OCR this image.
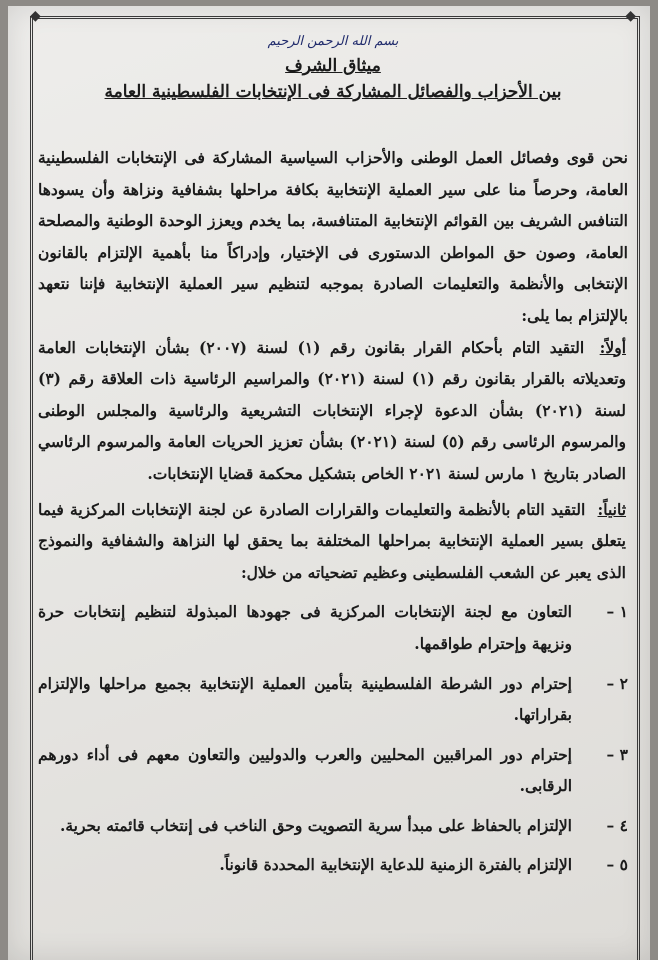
◆	◆

بسم الله الرحمن الرحيم

ميثاق الشرف

بين الأحزاب والفصائل المشاركة فى الإنتخابات الفلسطينية العامة

نحن قوى وفصائل العمل الوطنى والأحزاب السياسية المشاركة فى الإنتخابات الفلسطينية العامة، وحرصاً منا على سير العملية الإنتخابية بكافة مراحلها بشفافية ونزاهة وأن يسودها التنافس الشريف بين القوائم الإنتخابية المتنافسة، بما يخدم ويعزز الوحدة الوطنية والمصلحة العامة، وصون حق المواطن الدستورى فى الإختيار، وإدراكاً منا بأهمية الإلتزام بالقانون الإنتخابى والأنظمة والتعليمات الصادرة بموجبه لتنظيم سير العملية الإنتخابية فإننا نتعهد بالإلتزام بما يلى:
أولاً: التقيد التام بأحكام القرار بقانون رقم (١) لسنة (٢٠٠٧) بشأن الإنتخابات العامة وتعديلاته بالقرار بقانون رقم (١) لسنة (٢٠٢١) والمراسيم الرئاسية ذات العلاقة رقم (٣) لسنة (٢٠٢١) بشأن الدعوة لإجراء الإنتخابات التشريعية والرئاسية والمجلس الوطنى والمرسوم الرئاسى رقم (٥) لسنة (٢٠٢١) بشأن تعزيز الحريات العامة والمرسوم الرئاسي الصادر بتاريخ ١ مارس لسنة ٢٠٢١ الخاص بتشكيل محكمة قضايا الإنتخابات.
ثانياً: التقيد التام بالأنظمة والتعليمات والقرارات الصادرة عن لجنة الإنتخابات المركزية فيما يتعلق بسير العملية الإنتخابية بمراحلها المختلفة بما يحقق لها النزاهة والشفافية والنموذج الذى يعبر عن الشعب الفلسطينى وعظيم تضحياته من خلال:
١ –
التعاون مع لجنة الإنتخابات المركزية فى جهودها المبذولة لتنظيم إنتخابات حرة ونزيهة وإحترام طواقمها.
٢ –
إحترام دور الشرطة الفلسطينية بتأمين العملية الإنتخابية بجميع مراحلها والإلتزام بقراراتها.
٣ –
إحترام دور المراقبين المحليين والعرب والدوليين والتعاون معهم فى أداء دورهم الرقابى.
٤ –
الإلتزام بالحفاظ على مبدأ سرية التصويت وحق الناخب فى إنتخاب قائمته بحرية.
٥ –
الإلتزام بالفترة الزمنية للدعاية الإنتخابية المحددة قانوناً.
